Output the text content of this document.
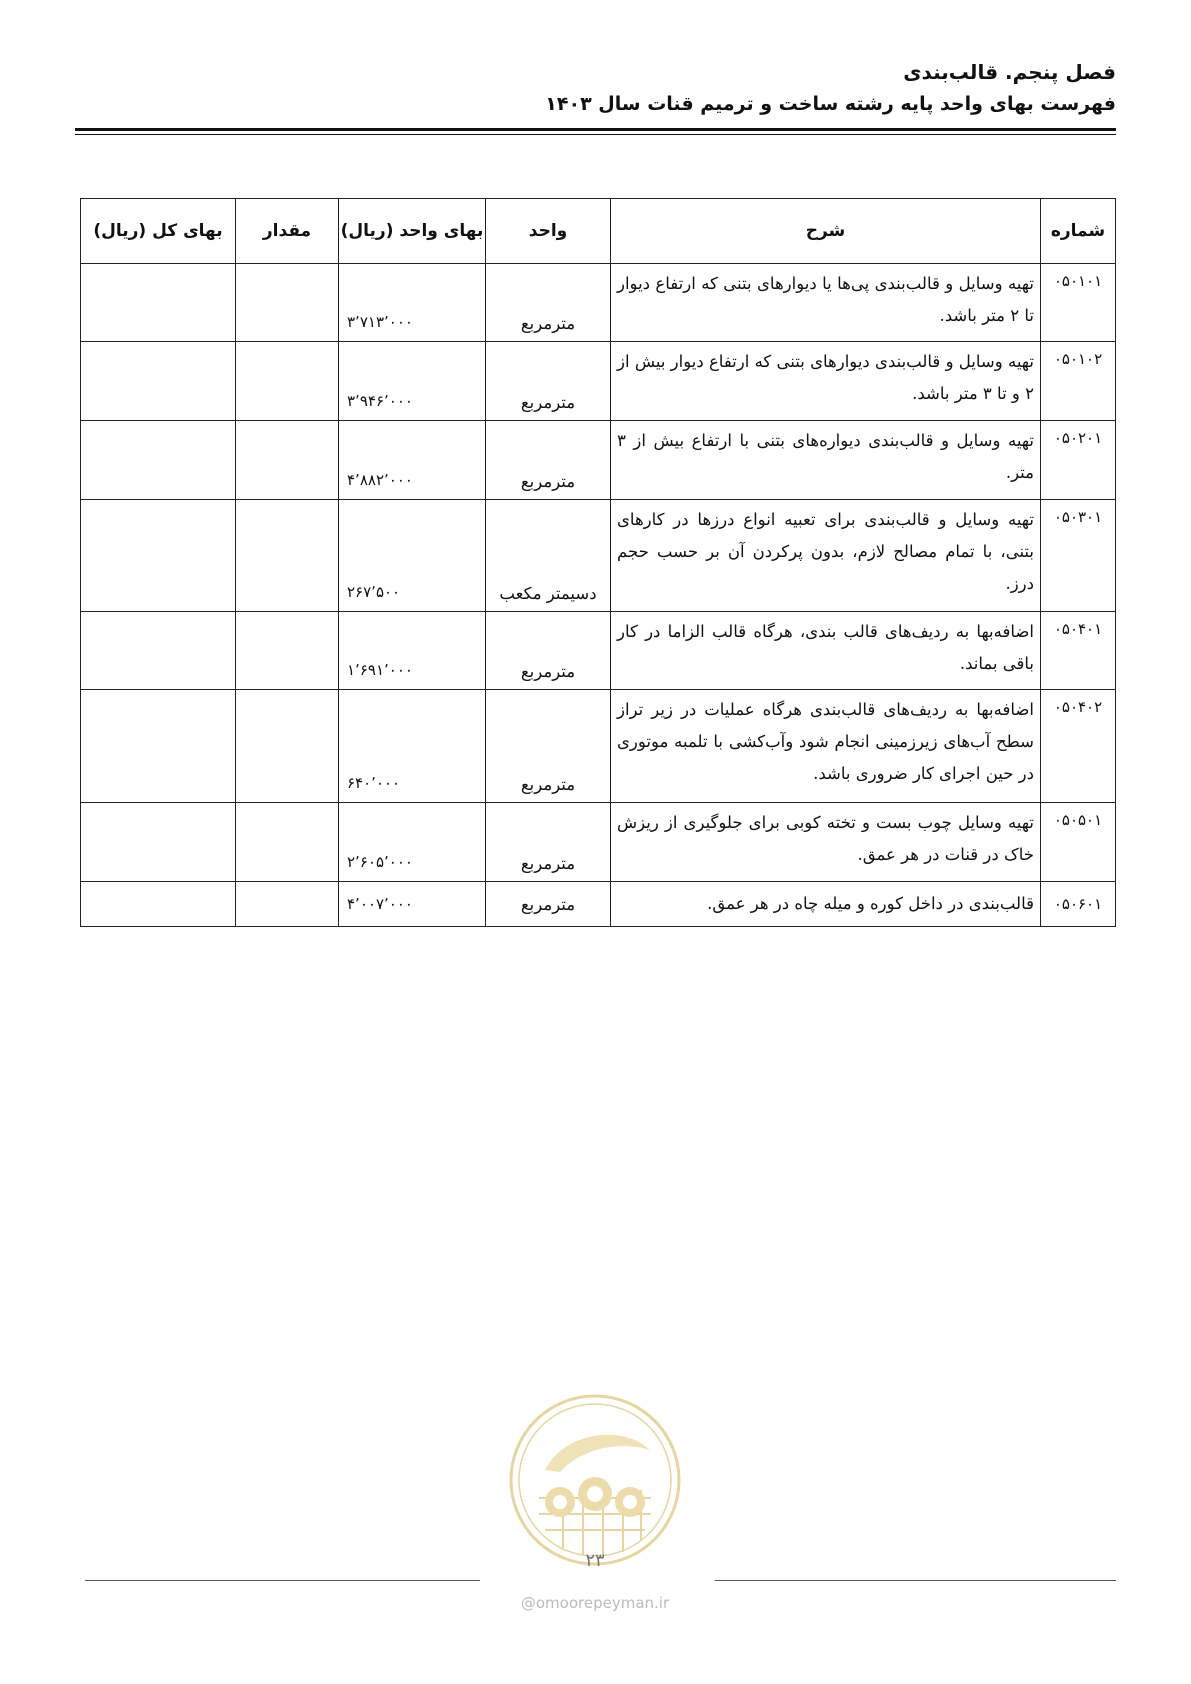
فصل پنجم. قالب‌بندی
فهرست بهای واحد پایه رشته ساخت و ترمیم قنات سال ۱۴۰۳
شماره	شرح	واحد	بهای واحد (ریال)	مقدار	بهای کل (ریال)
۰۵۰۱۰۱	تهیه وسایل و قالب‌بندی پی‌ها یا دیوارهای بتنی که ارتفاع دیوار تا ۲ متر باشد.	مترمربع	۳٬۷۱۳٬۰۰۰		
۰۵۰۱۰۲	تهیه وسایل و قالب‌بندی دیوارهای بتنی که ارتفاع دیوار بیش از ۲ و تا ۳ متر باشد.	مترمربع	۳٬۹۴۶٬۰۰۰		
۰۵۰۲۰۱	تهیه وسایل و قالب‌بندی دیواره‌های بتنی با ارتفاع بیش از ۳ متر.	مترمربع	۴٬۸۸۲٬۰۰۰		
۰۵۰۳۰۱	تهیه وسایل و قالب‌بندی برای تعبیه انواع درزها در کارهای بتنی، با تمام مصالح لازم، بدون پرکردن آن بر حسب حجم درز.	دسیمتر مکعب	۲۶۷٬۵۰۰		
۰۵۰۴۰۱	اضافه‌بها به ردیف‌های قالب بندی، هرگاه قالب الزاما در کار باقی بماند.	مترمربع	۱٬۶۹۱٬۰۰۰		
۰۵۰۴۰۲	اضافه‌بها به ردیف‌های قالب‌بندی هرگاه عملیات در زیر تراز سطح آب‌های زیرزمینی انجام شود وآب‌کشی با تلمبه موتوری در حین اجرای کار ضروری باشد.	مترمربع	۶۴۰٬۰۰۰		
۰۵۰۵۰۱	تهیه وسایل چوب بست و تخته کوبی برای جلوگیری از ریزش خاک در قنات در هر عمق.	مترمربع	۲٬۶۰۵٬۰۰۰		
۰۵۰۶۰۱	قالب‌بندی در داخل کوره و میله چاه در هر عمق.	مترمربع	۴٬۰۰۷٬۰۰۰		
۲۳
@omoorepeyman.ir
